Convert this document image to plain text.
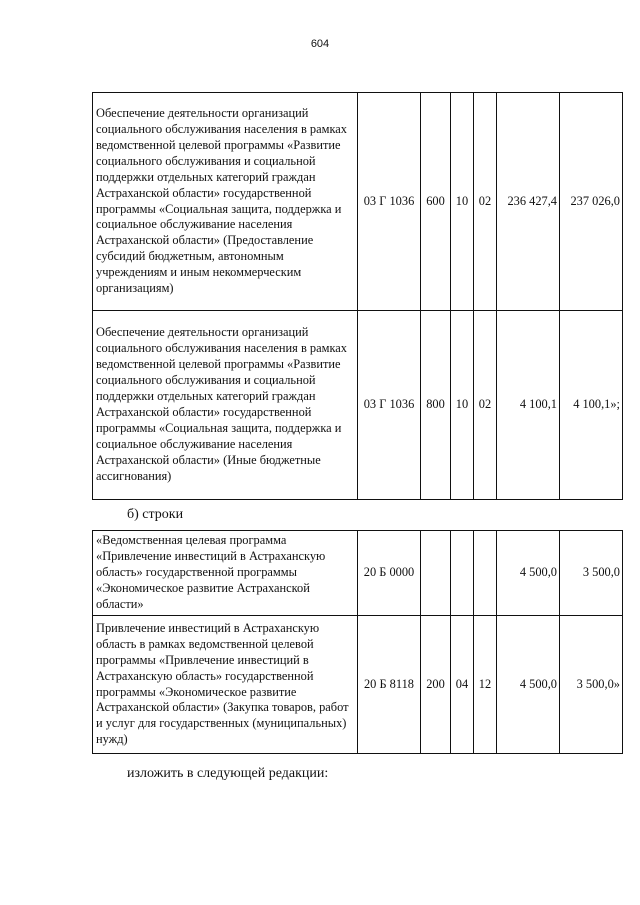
604
Обеспечение деятельности организаций социального обслуживания населения в рамках ведомственной целевой программы «Развитие социального обслуживания и социальной поддержки отдельных категорий граждан Астраханской области» государственной программы «Социальная защита, поддержка и социальное обслуживание населения Астраханской области» (Предоставление субсидий бюджетным, автономным учреждениям и иным некоммерческим организациям)	03 Г 1036	600	10	02	236 427,4	237 026,0
Обеспечение деятельности организаций социального обслуживания населения в рамках ведомственной целевой программы «Развитие социального обслуживания и социальной поддержки отдельных категорий граждан Астраханской области» государственной программы «Социальная защита, поддержка и социальное обслуживание населения Астраханской области» (Иные бюджетные ассигнования)	03 Г 1036	800	10	02	4 100,1	4 100,1»;
б) строки
«Ведомственная целевая программа «Привлечение инвестиций в Астраханскую область» государственной программы «Экономическое развитие Астраханской области»	20 Б 0000				4 500,0	3 500,0
Привлечение инвестиций в Астраханскую область в рамках ведомственной целевой программы «Привлечение инвестиций в Астраханскую область» государственной программы «Экономическое развитие Астраханской области» (Закупка товаров, работ и услуг для государственных (муниципальных) нужд)	20 Б 8118	200	04	12	4 500,0	3 500,0»
изложить в следующей редакции:
